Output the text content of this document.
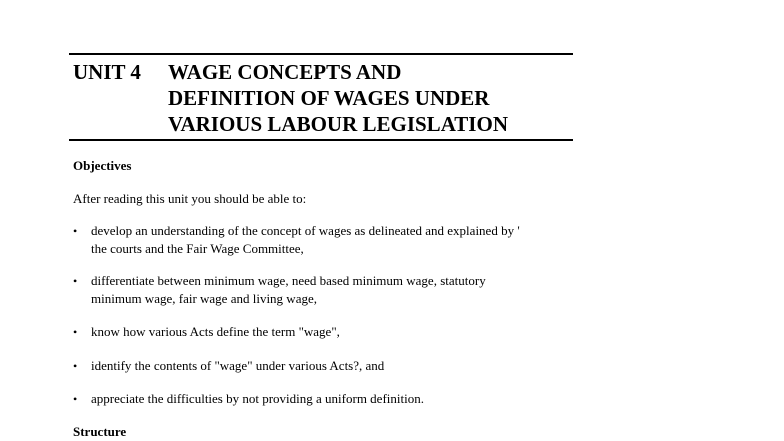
UNIT 4 WAGE CONCEPTS AND
DEFINITION OF WAGES UNDER
VARIOUS LABOUR LEGISLATION
Objectives
After reading this unit you should be able to:
•	develop an understanding of the concept of wages as delineated and explained by '
the courts and the Fair Wage Committee,
•	differentiate between minimum wage, need based minimum wage, statutory
minimum wage, fair wage and living wage,
•	know how various Acts define the term "wage",
•	identify the contents of "wage" under various Acts?, and
•	appreciate the difficulties by not providing a uniform definition.
Structure
